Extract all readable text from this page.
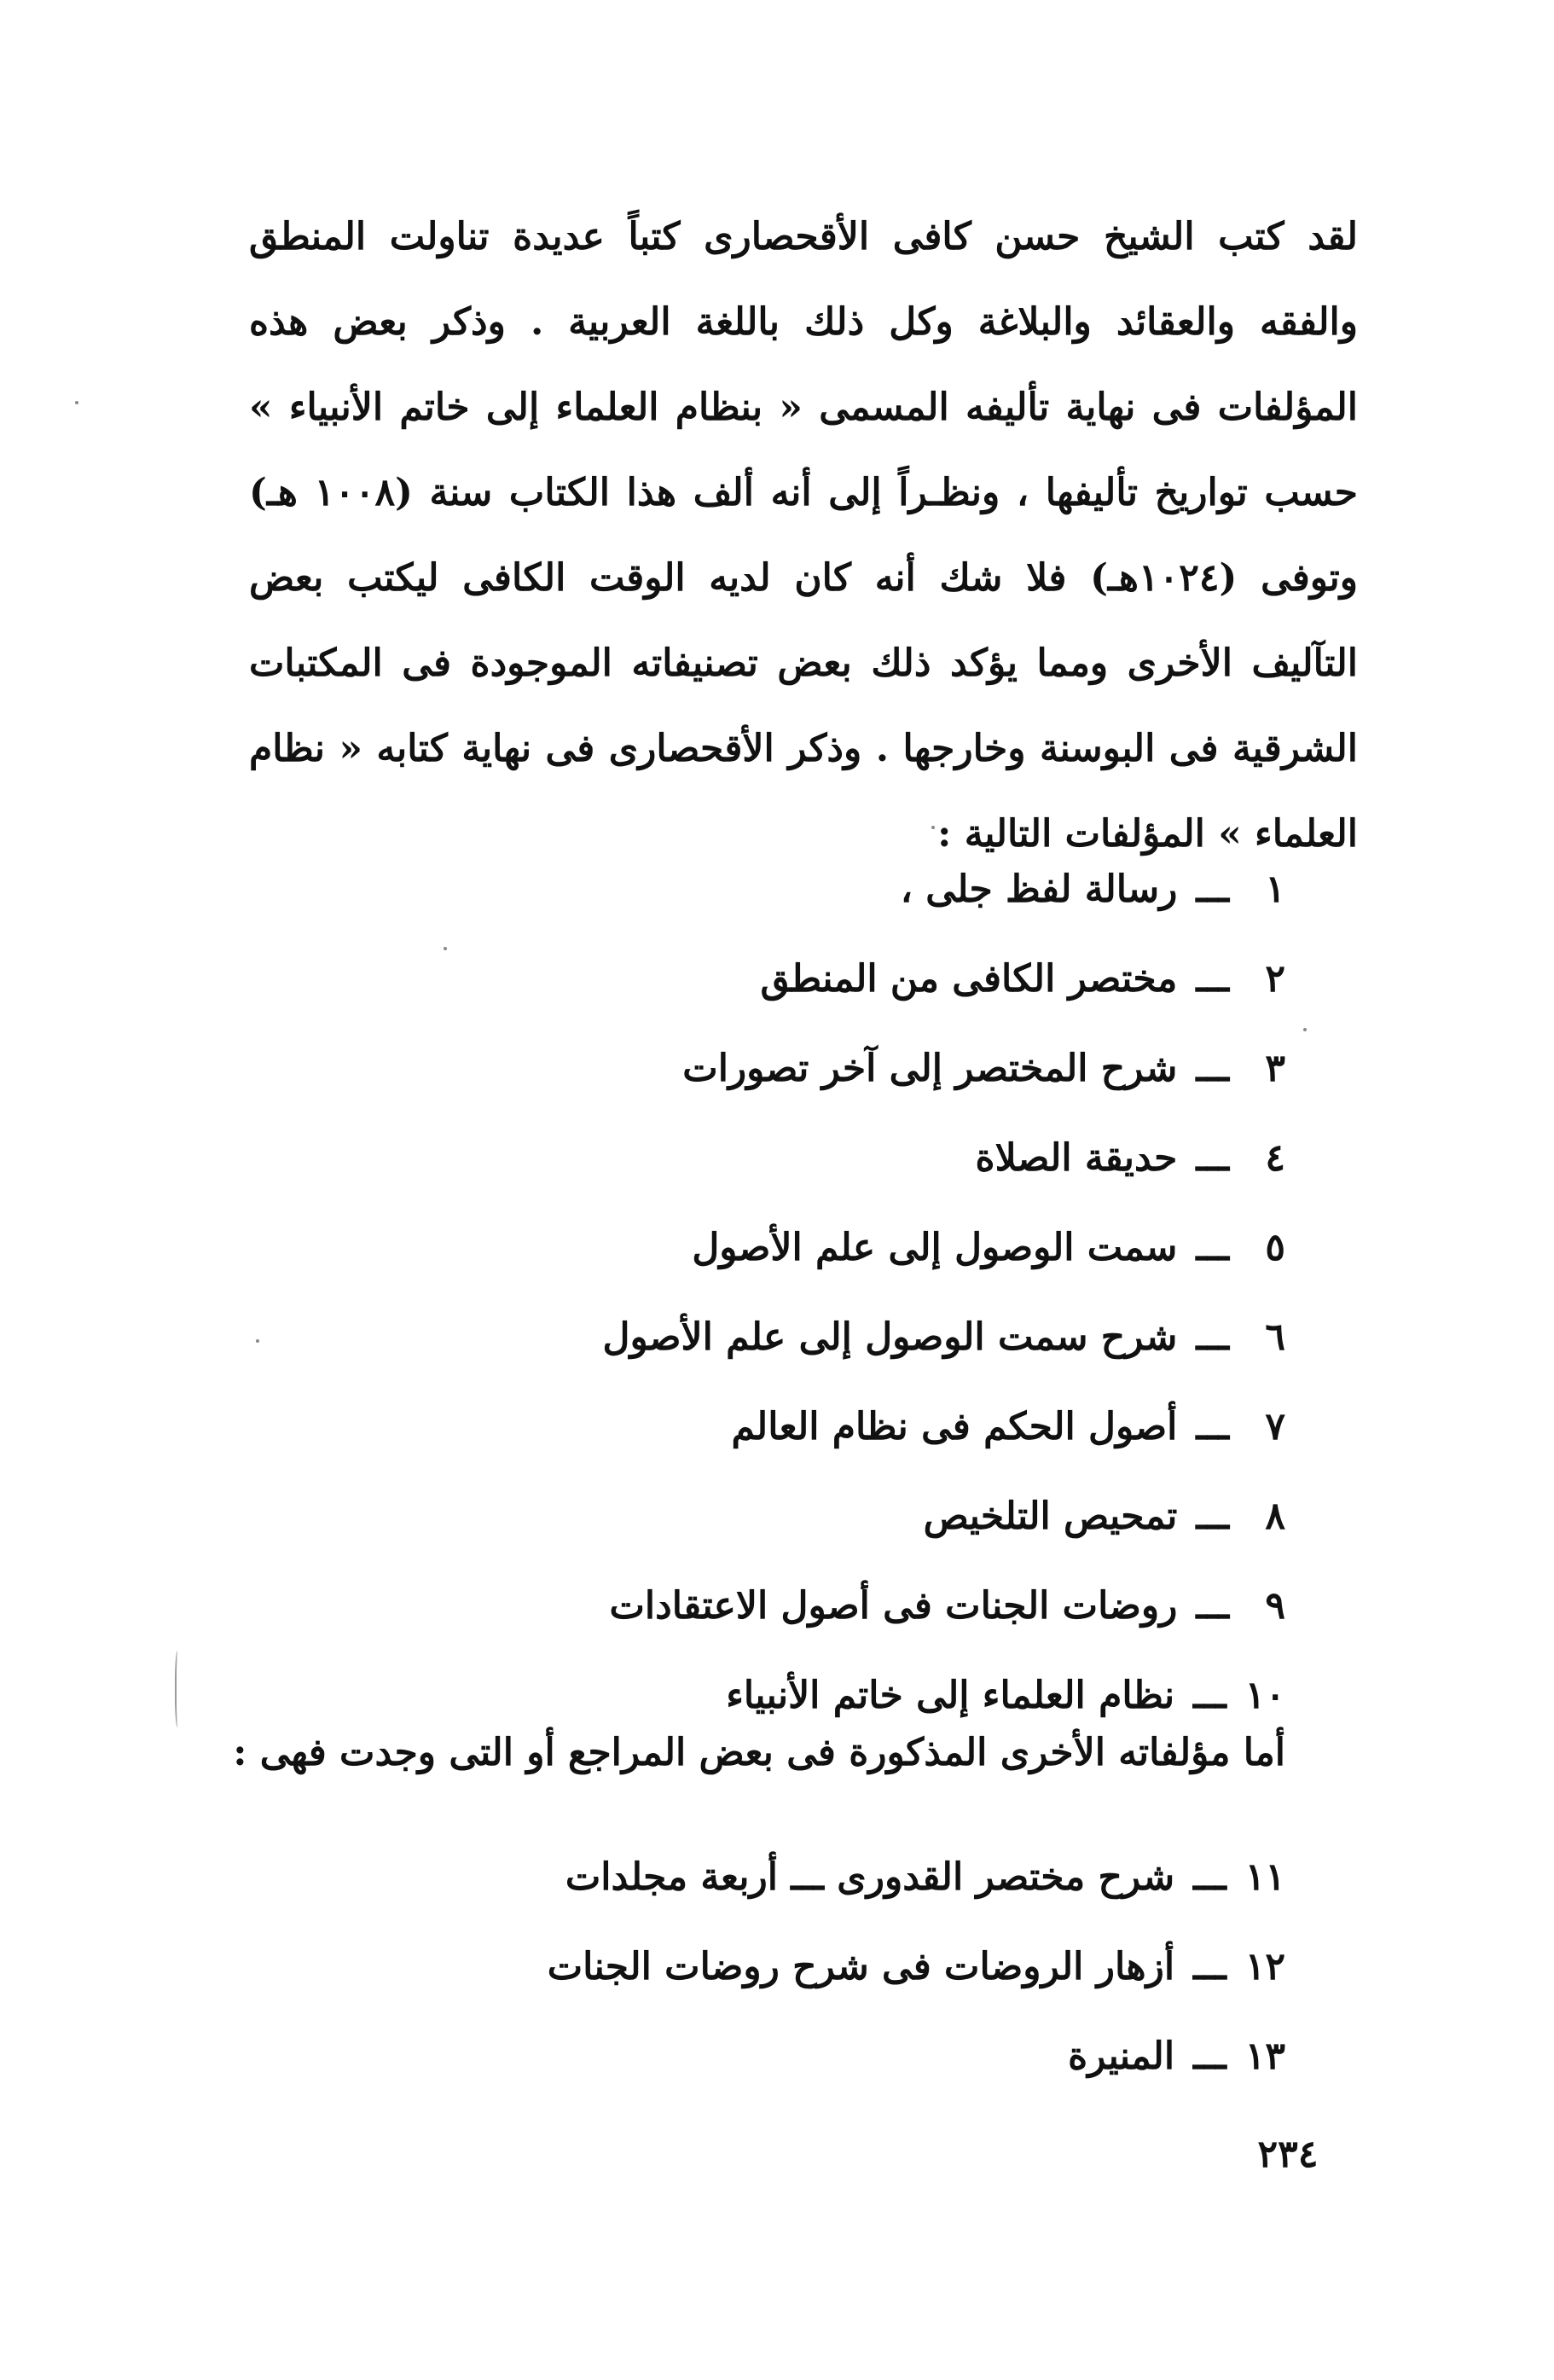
لقد كتب الشيخ حسن كافى الأقحصارى كتباً عديدة تناولت المنطق والفقه والعقائد والبلاغة وكل ذلك باللغة العربية . وذكر بعض هذه المؤلفات فى نهاية تأليفه المسمى « بنظام العلماء إلى خاتم الأنبياء » حسب تواريخ تأليفها ، ونظـراً إلى أنه ألف هذا الكتاب سنة (١٠٠٨ هـ) وتوفى (١٠٢٤هـ) فلا شك أنه كان لديه الوقت الكافى ليكتب بعض التآليف الأخرى ومما يؤكد ذلك بعض تصنيفاته الموجودة فى المكتبات الشرقية فى البوسنة وخارجها . وذكر الأقحصارى فى نهاية كتابه « نظام العلماء » المؤلفات التالية :

١ـــرسالة لفظ جلى ،
٢ـــمختصر الكافى من المنطق
٣ـــشرح المختصر إلى آخر تصورات
٤ـــحديقة الصلاة
٥ـــسمت الوصول إلى علم الأصول
٦ـــشرح سمت الوصول إلى علم الأصول
٧ـــأصول الحكم فى نظام العالم
٨ـــتمحيص التلخيص
٩ـــروضات الجنات فى أصول الاعتقادات
١٠ـــنظام العلماء إلى خاتم الأنبياء
أما مؤلفاته الأخرى المذكورة فى بعض المراجع أو التى وجدت فهى :
١١ـــشرح مختصر القدورى ـــ أربعة مجلدات
١٢ـــأزهار الروضات فى شرح روضات الجنات
١٣ـــالمنيرة
٢٣٤
